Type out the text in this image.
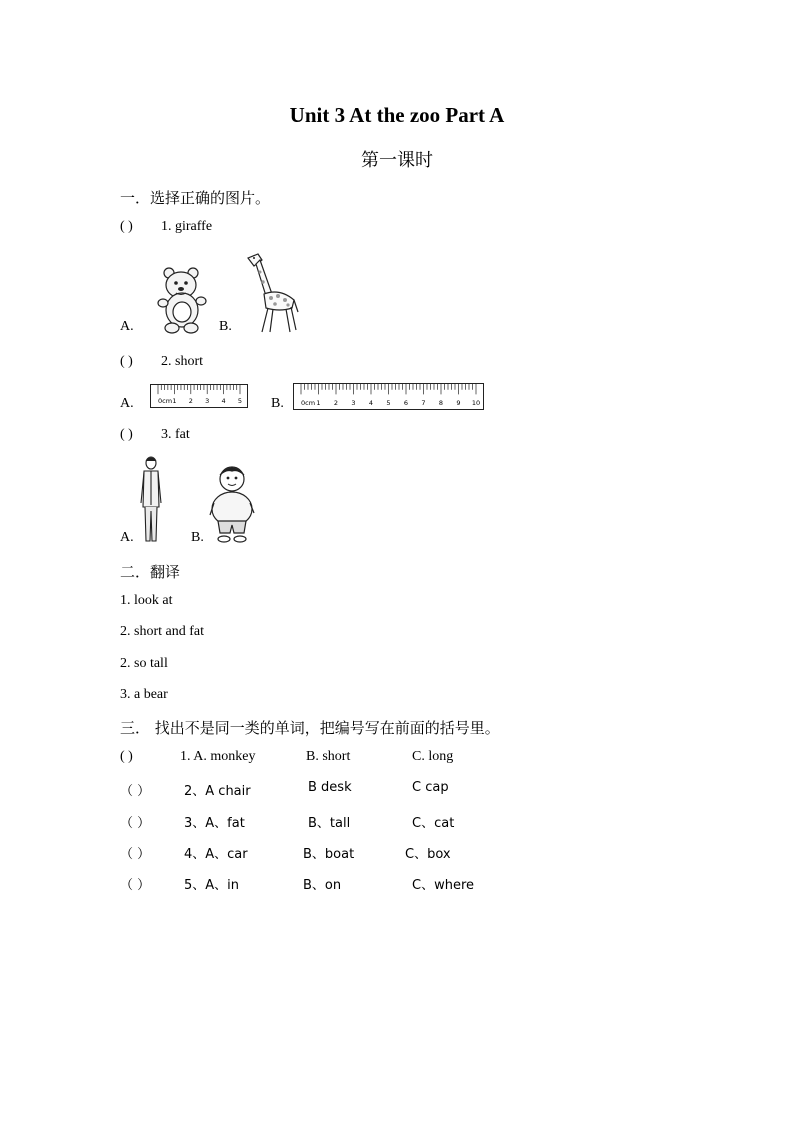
Unit 3 At the zoo Part A
第一课时
一．选择正确的图片。
( ) 1. giraffe
A.	B.
( ) 2. short
A.	0cm 1 2 3 4 5 B.	0cm 1 2 3 4 5 6 7 8 9 10
( ) 3. fat
A.	B.
二．翻译
1. look at
2. short and fat
2. so tall
3. a bear
三． 找出不是同一类的单词，把编号写在前面的括号里。
( )	1. A. monkey	B. short	C. long
（ ）	2、A chair	B desk	C cap
（ ）	3、A、fat	B、tall	C、cat
（ ）	4、A、car	B、boat	C、box
（ ）	5、A、in	B、on	C、where
